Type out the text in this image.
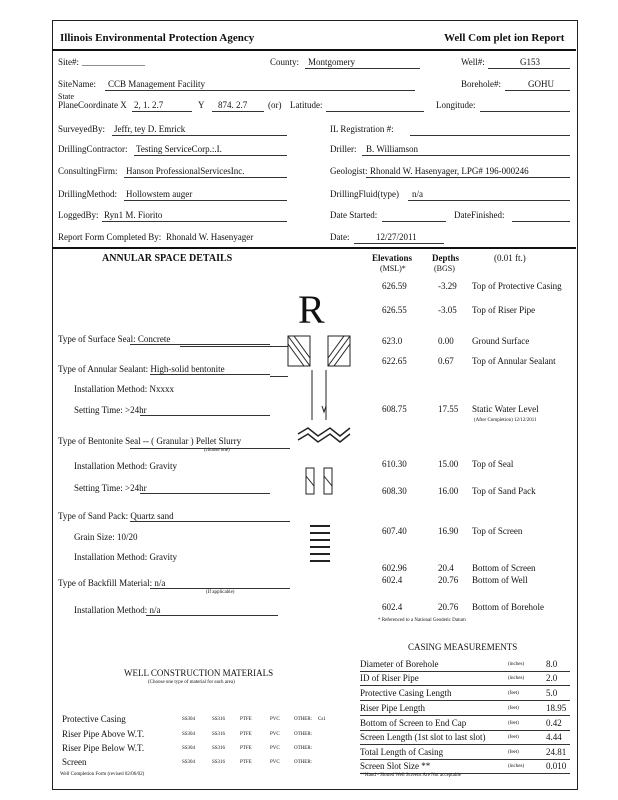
Illinois Environmental Protection Agency	Well Com plet ion Report
Site#: ______________	County: Montgomery	Well#:	G153
SiteName: CCB Management Facility	Borehole#:	GOHU
State
PlaneCoordinate X 2, 1. 2.7	Y 874. 2.7 (or) Latitude:	Longitude:
SurveyedBy: Jeffr, tey D. Emrick	IL Registration #:
DrillingContractor: Testing ServiceCorp.:.I.	Driller: B. Williamson
ConsultingFirm: Hanson ProfessionalServicesInc.	Geologist: Rhonald W. Hasenyager, LPG# 196-000246
DrillingMethod: Hollowstem auger	DrillingFluid(type) n/a
LoggedBy: Ryn1 M. Fiorito	Date Started:	DateFinished:
Report Form Completed By: Rhonald W. Hasenyager	Date:	12/27/2011
ANNULAR SPACE DETAILS	Elevations
(MSL)*
Depths
(BGS)
(0.01 ft.)
Type of Surface Seal: Concrete
Type of Annular Sealant: High-solid bentonite
Installation Method: Nxxxx
Setting Time: >24hr
Type of Bentonite Seal -- ( Granular ) Pellet Slurry
(choose one)
Installation Method: Gravity
Setting Time: >24hr
Type of Sand Pack: Quartz sand
Grain Size: 10/20
Installation Method: Gravity
Type of Backfill Material: n/a
(If applicable)
Installation Method: n/a
R
626.59	-3.29 Top of Protective Casing
626.55	-3.05 Top of Riser Pipe
623.0	0.00 Ground Surface
622.65	0.67 Top of Annular Sealant
608.75	17.55 Static Water Level
610.30	15.00 Top of Seal
608.30	16.00 Top of Sand Pack
607.40	16.90 Top of Screen
602.96	20.4 Bottom of Screen
602.4	20.76 Bottom of Well
602.4	20.76 Bottom of Borehole
(After Completion) 12/12/2011
* Referenced to a National Geodetic Datum
WELL CONSTRUCTION MATERIALS
(Choose one type of material for each area)
Protective Casing	SS304	SS316	PTFE	PVC	OTHER: Cs1
Riser Pipe Above W.T.	SS304	SS316	PTFE	PVC	OTHER:
Riser Pipe Below W.T.	SS304	SS316	PTFE	PVC	OTHER:
Screen	SS304	SS316	PTFE	PVC	OTHER:
Well Completion Form (revised 02/06/02)
CASING MEASUREMENTS
Diameter of Borehole	(inches) 8.0
ID of Riser Pipe	(inches) 2.0
Protective Casing Length	(feet)	5.0
Riser Pipe Length	(feet)	18.95
Bottom of Screen to End Cap	(feet)	0.42
Screen Length (1st slot to last slot)	(feet)	4.44
Total Length of Casing	(feet)	24.81
Screen Slot Size **	(inches) 0.010
**Hand - Slotted Well Screens Are Not acceptable
